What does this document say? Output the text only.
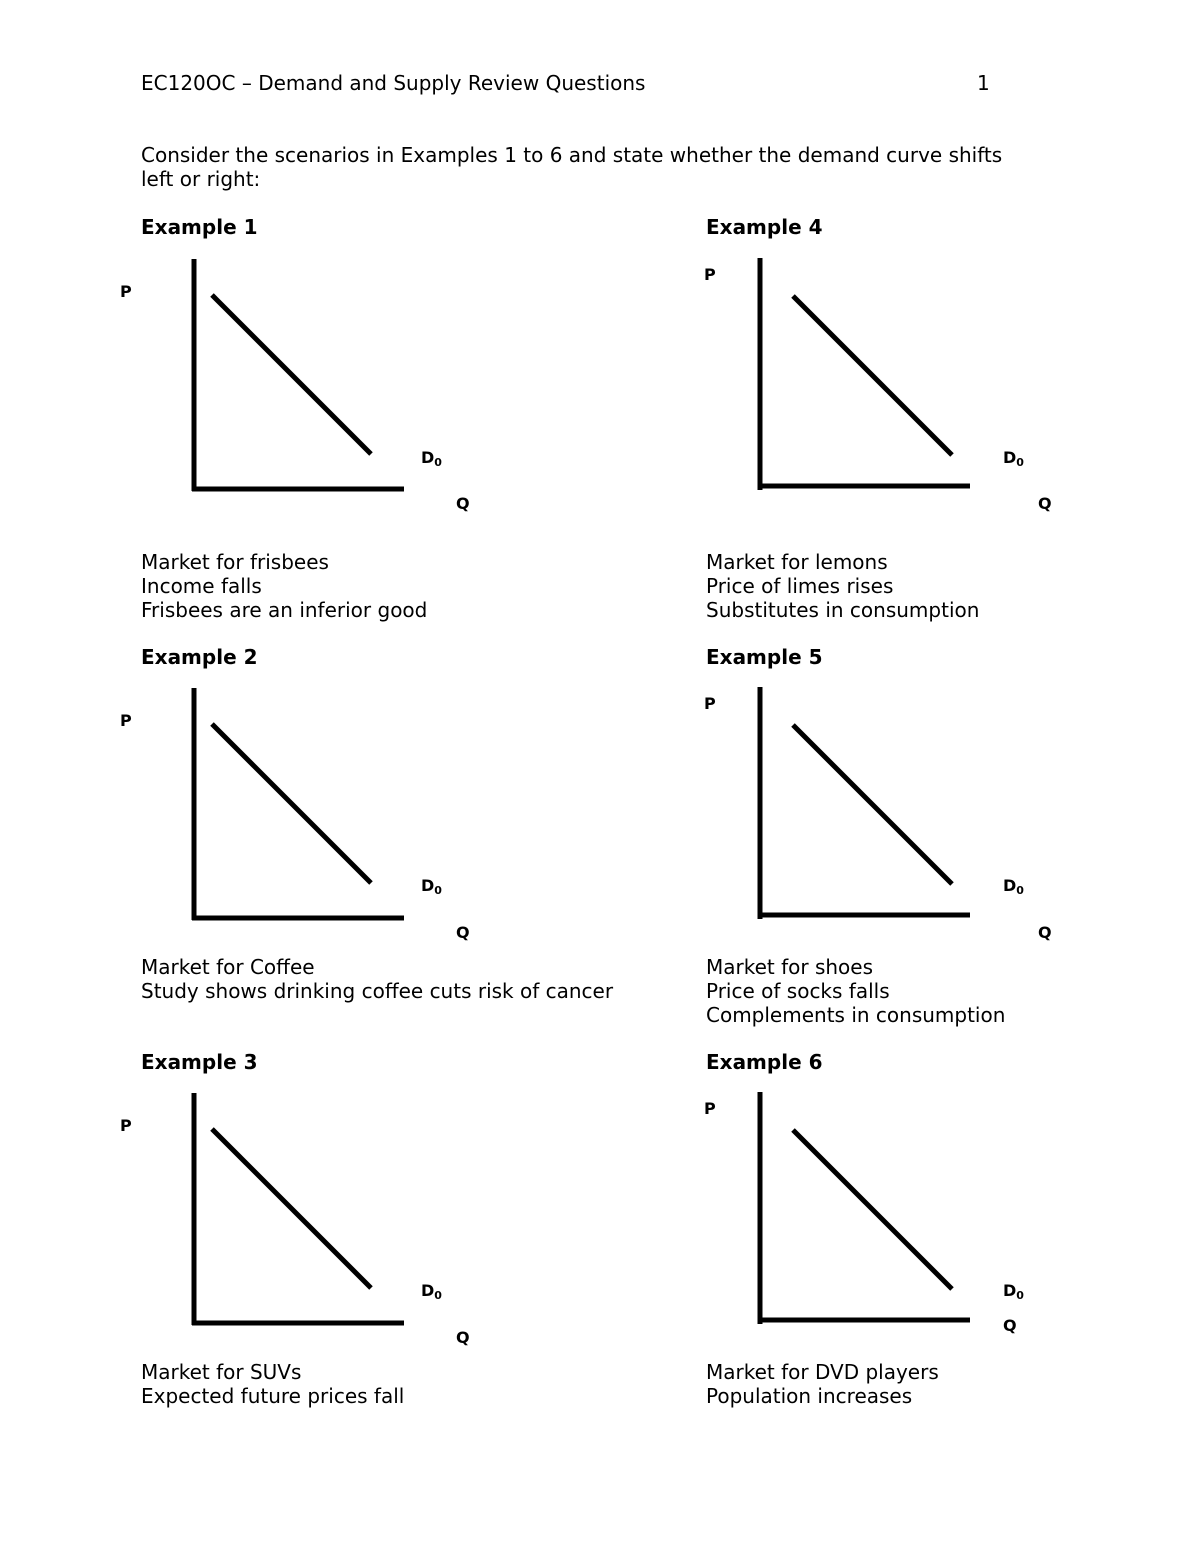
EC120OC – Demand and Supply Review Questions	1
Consider the scenarios in Examples 1 to 6 and state whether the demand curve shifts
left or right:
Example 1
P
$D_0$
Q
Market for frisbees
Income falls
Frisbees are an inferior good
Example 2
P
$D_0$
Q
Market for Coffee
Study shows drinking coffee cuts risk of cancer
Example 3
P
$D_0$
Q
Market for SUVs
Expected future prices fall
Example 4
P
$D_0$
Q
Market for lemons
Price of limes rises
Substitutes in consumption
Example 5
P
$D_0$
Q
Market for shoes
Price of socks falls
Complements in consumption
Example 6
P
$D_0$
Q
Market for DVD players
Population increases
